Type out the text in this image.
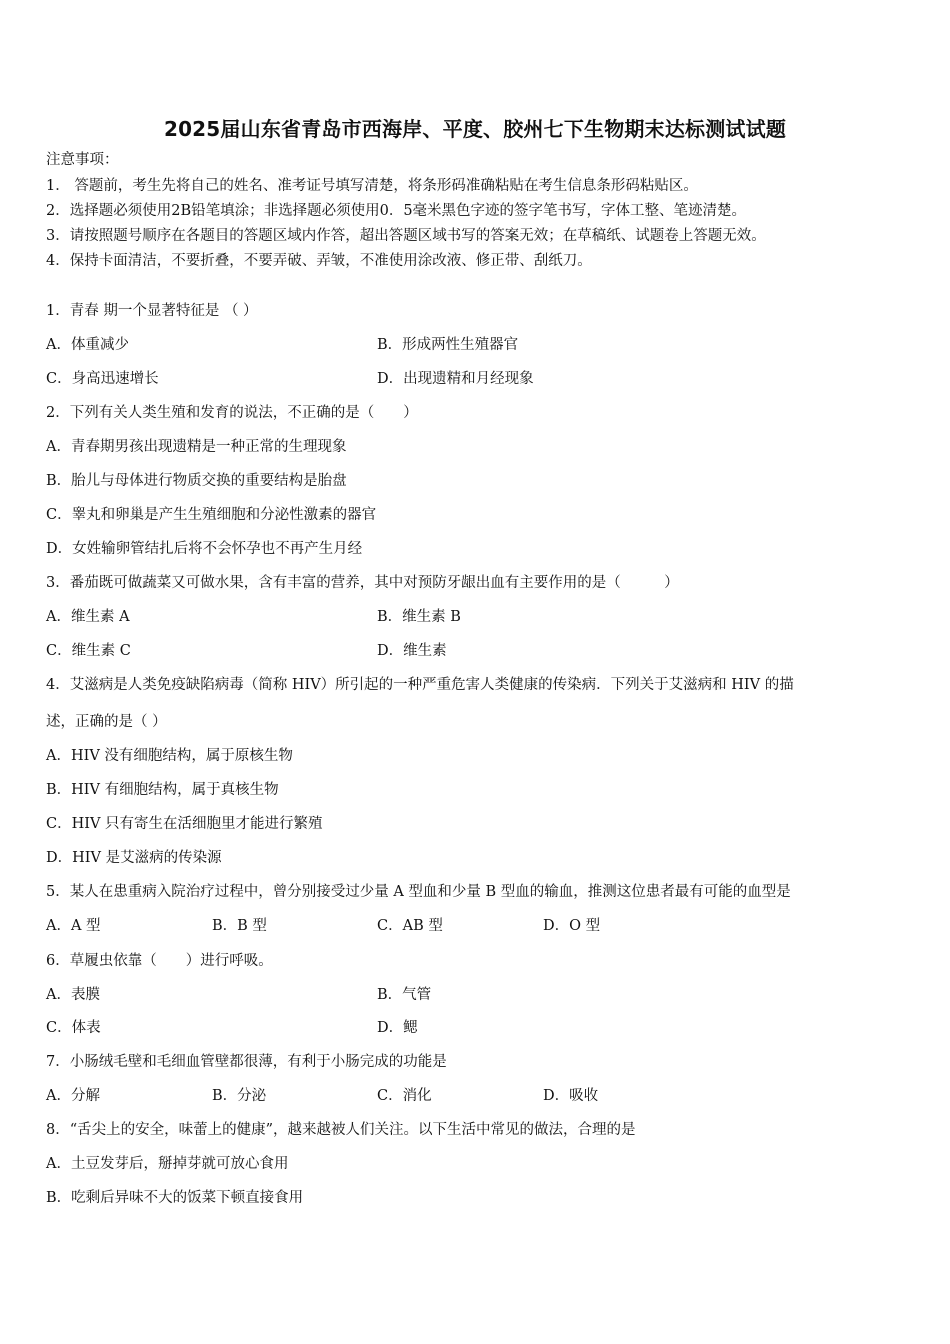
2025届山东省青岛市西海岸、平度、胶州七下生物期末达标测试试题
注意事项：
1． 答题前，考生先将自己的姓名、准考证号填写清楚，将条形码准确粘贴在考生信息条形码粘贴区。
2．选择题必须使用2B铅笔填涂；非选择题必须使用0．5毫米黑色字迹的签字笔书写，字体工整、笔迹清楚。
3．请按照题号顺序在各题目的答题区域内作答，超出答题区域书写的答案无效；在草稿纸、试题卷上答题无效。
4．保持卡面清洁，不要折叠，不要弄破、弄皱，不准使用涂改液、修正带、刮纸刀。
1．青春 期一个显著特征是 （ ）
A．体重减少	B．形成两性生殖器官
C．身高迅速增长	D．出现遗精和月经现象
2．下列有关人类生殖和发育的说法，不正确的是（　　）
A．青春期男孩出现遗精是一种正常的生理现象
B．胎儿与母体进行物质交换的重要结构是胎盘
C．睾丸和卵巢是产生生殖细胞和分泌性激素的器官
D．女姓输卵管结扎后将不会怀孕也不再产生月经
3．番茄既可做蔬菜又可做水果，含有丰富的营养，其中对预防牙龈出血有主要作用的是（　　　）
A．维生素 A	B．维生素 B
C．维生素 C	D．维生素
4．艾滋病是人类免疫缺陷病毒（简称 HIV）所引起的一种严重危害人类健康的传染病．下列关于艾滋病和 HIV 的描
述，正确的是（ ）
A．HIV 没有细胞结构，属于原核生物
B．HIV 有细胞结构，属于真核生物
C．HIV 只有寄生在活细胞里才能进行繁殖
D．HIV 是艾滋病的传染源
5．某人在患重病入院治疗过程中，曾分别接受过少量 A 型血和少量 B 型血的输血，推测这位患者最有可能的血型是
A．A 型	B．B 型	C．AB 型	D．O 型
6．草履虫依靠（　　）进行呼吸。
A．表膜	B．气管
C．体表	D．鳃
7．小肠绒毛壁和毛细血管壁都很薄，有利于小肠完成的功能是
A．分解	B．分泌	C．消化	D．吸收
8．“舌尖上的安全，味蕾上的健康”，越来越被人们关注。以下生活中常见的做法，合理的是
A．土豆发芽后，掰掉芽就可放心食用
B．吃剩后异味不大的饭菜下顿直接食用
